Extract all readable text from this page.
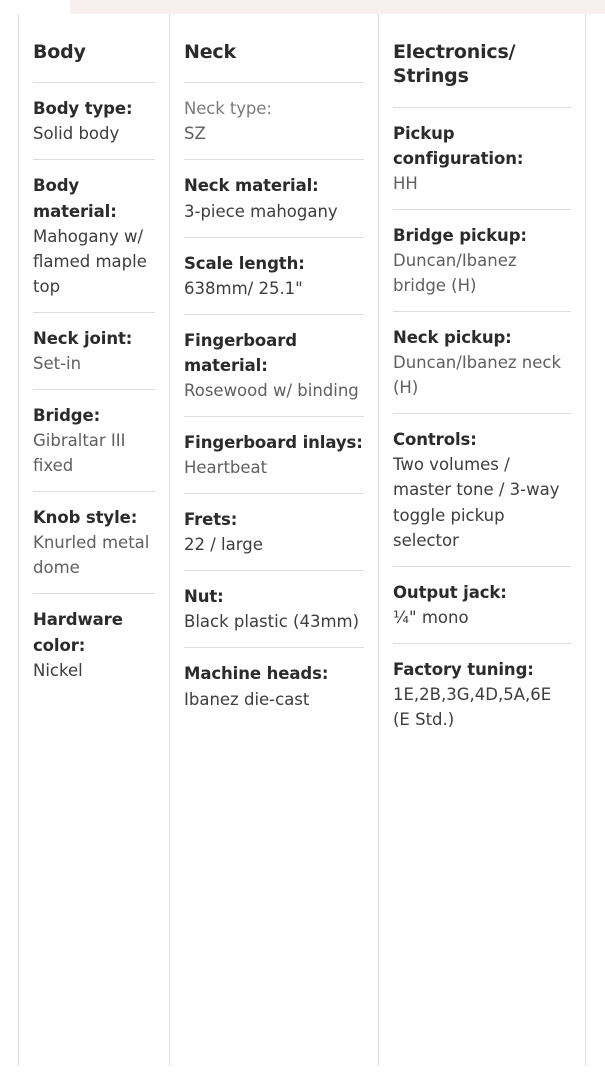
Body
Body type:
Solid body
Body material:
Mahogany w/ flamed maple top
Neck joint:
Set-in
Bridge:
Gibraltar III fixed
Knob style:
Knurled metal dome
Hardware color:
Nickel
Neck
Neck type:
SZ
Neck material:
3-piece mahogany
Scale length:
638mm/ 25.1"
Fingerboard material:
Rosewood w/ binding
Fingerboard inlays:
Heartbeat
Frets:
22 / large
Nut:
Black plastic (43mm)
Machine heads:
Ibanez die-cast
Electronics/ Strings
Pickup configuration:
HH
Bridge pickup:
Duncan/Ibanez bridge (H)
Neck pickup:
Duncan/Ibanez neck (H)
Controls:
Two volumes / master tone / 3-way toggle pickup selector
Output jack:
¼" mono
Factory tuning:
1E,2B,3G,4D,5A,6E (E Std.)
